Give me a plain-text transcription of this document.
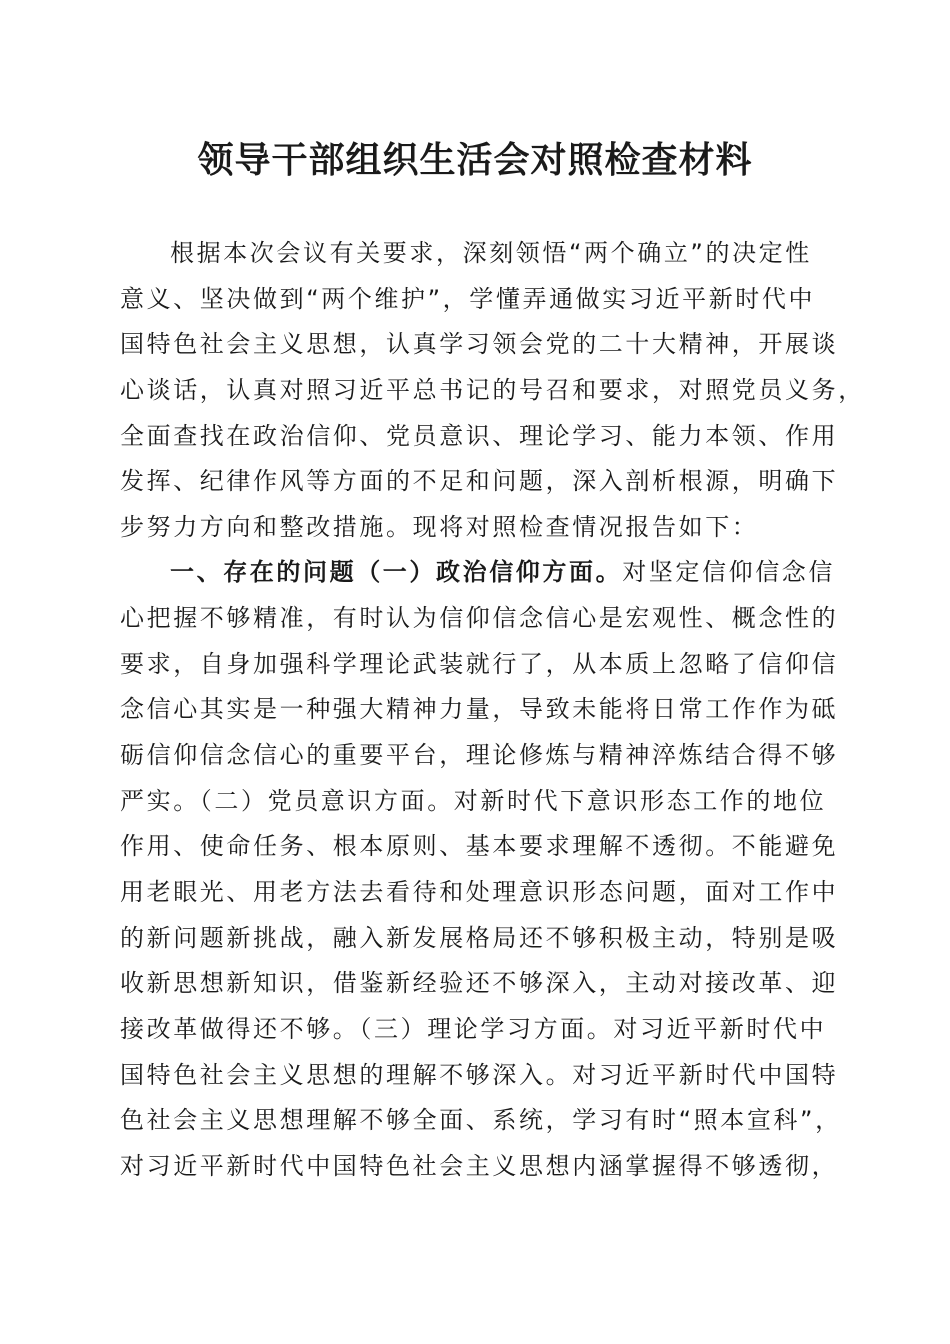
领导干部组织生活会对照检查材料
根据本次会议有关要求，深刻领悟“两个确立”的决定性
意义、坚决做到“两个维护”，学懂弄通做实习近平新时代中
国特色社会主义思想，认真学习领会党的二十大精神，开展谈
心谈话，认真对照习近平总书记的号召和要求，对照党员义务，
全面查找在政治信仰、党员意识、理论学习、能力本领、作用
发挥、纪律作风等方面的不足和问题，深入剖析根源，明确下
步努力方向和整改措施。现将对照检查情况报告如下：
一、存在的问题（一）政治信仰方面。对坚定信仰信念信
心把握不够精准，有时认为信仰信念信心是宏观性、概念性的
要求，自身加强科学理论武装就行了，从本质上忽略了信仰信
念信心其实是一种强大精神力量，导致未能将日常工作作为砥
砺信仰信念信心的重要平台，理论修炼与精神淬炼结合得不够
严实。（二）党员意识方面。对新时代下意识形态工作的地位
作用、使命任务、根本原则、基本要求理解不透彻。不能避免
用老眼光、用老方法去看待和处理意识形态问题，面对工作中
的新问题新挑战，融入新发展格局还不够积极主动，特别是吸
收新思想新知识，借鉴新经验还不够深入，主动对接改革、迎
接改革做得还不够。（三）理论学习方面。对习近平新时代中
国特色社会主义思想的理解不够深入。对习近平新时代中国特
色社会主义思想理解不够全面、系统，学习有时“照本宣科”，
对习近平新时代中国特色社会主义思想内涵掌握得不够透彻，
